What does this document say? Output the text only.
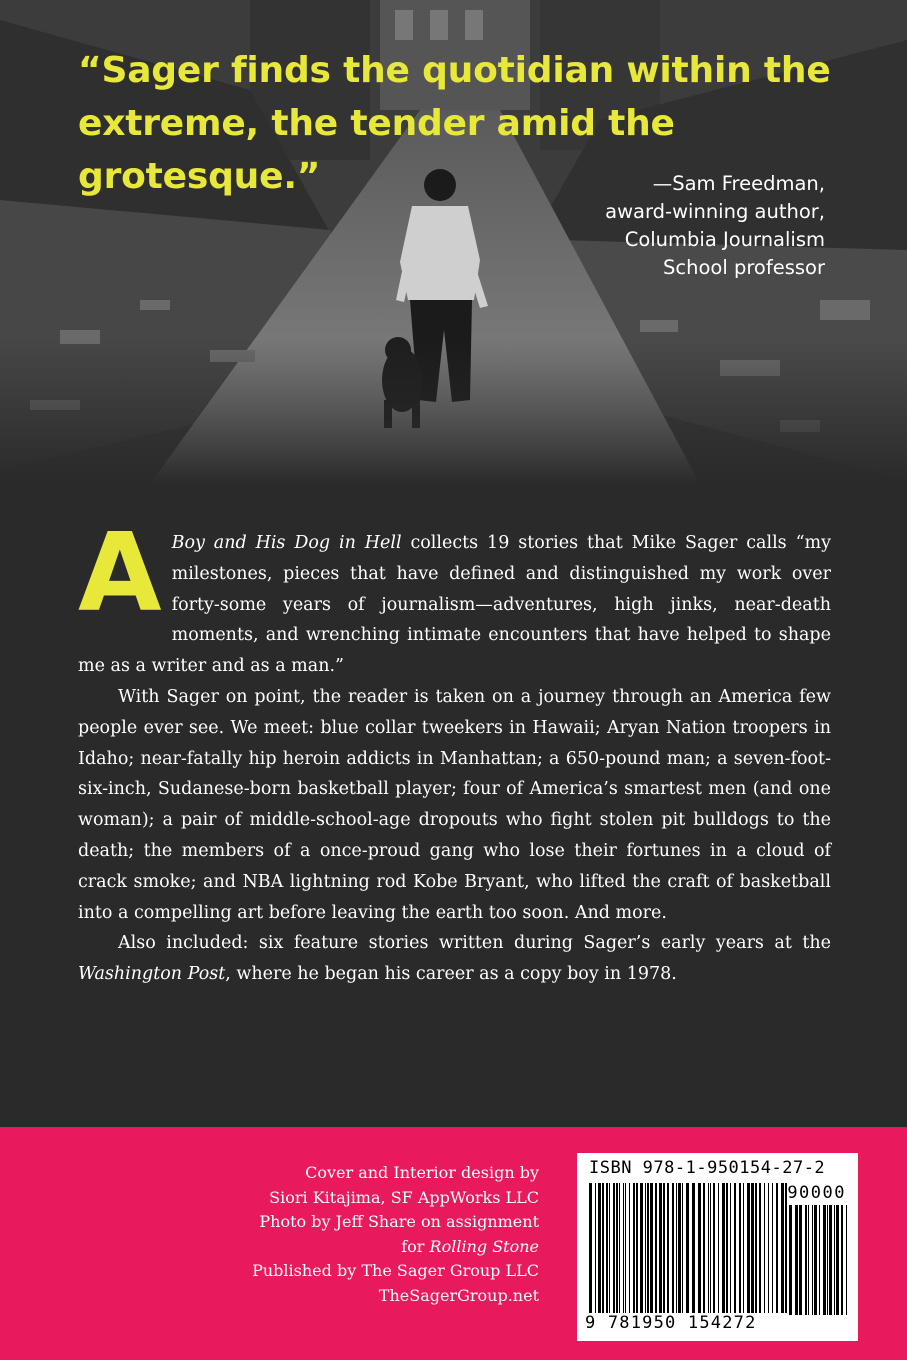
“Sager finds the quotidian within the extreme, the tender amid the grotesque.”	—Sam Freedman,
award-winning author,
Columbia Journalism
School professor

A Boy and His Dog in Hell collects 19 stories that Mike Sager calls “my milestones, pieces that have defined and distinguished my work over forty-some years of journalism—adventures, high jinks, near-death moments, and wrenching intimate encounters that have helped to shape me as a writer and as a man.”

With Sager on point, the reader is taken on a journey through an America few people ever see. We meet: blue collar tweekers in Hawaii; Aryan Nation troopers in Idaho; near-fatally hip heroin addicts in Manhattan; a 650-pound man; a seven-foot-six-inch, Sudanese-born basketball player; four of America’s smartest men (and one woman); a pair of middle-school-age dropouts who fight stolen pit bulldogs to the death; the members of a once-proud gang who lose their fortunes in a cloud of crack smoke; and NBA lightning rod Kobe Bryant, who lifted the craft of basketball into a compelling art before leaving the earth too soon. And more.

Also included: six feature stories written during Sager’s early years at the Washington Post, where he began his career as a copy boy in 1978.

Cover and Interior design by
Siori Kitajima, SF AppWorks LLC
Photo by Jeff Share on assignment
for Rolling Stone
Published by The Sager Group LLC
TheSagerGroup.net

ISBN 978-1-950154-27-2
90000
9 781950 154272
